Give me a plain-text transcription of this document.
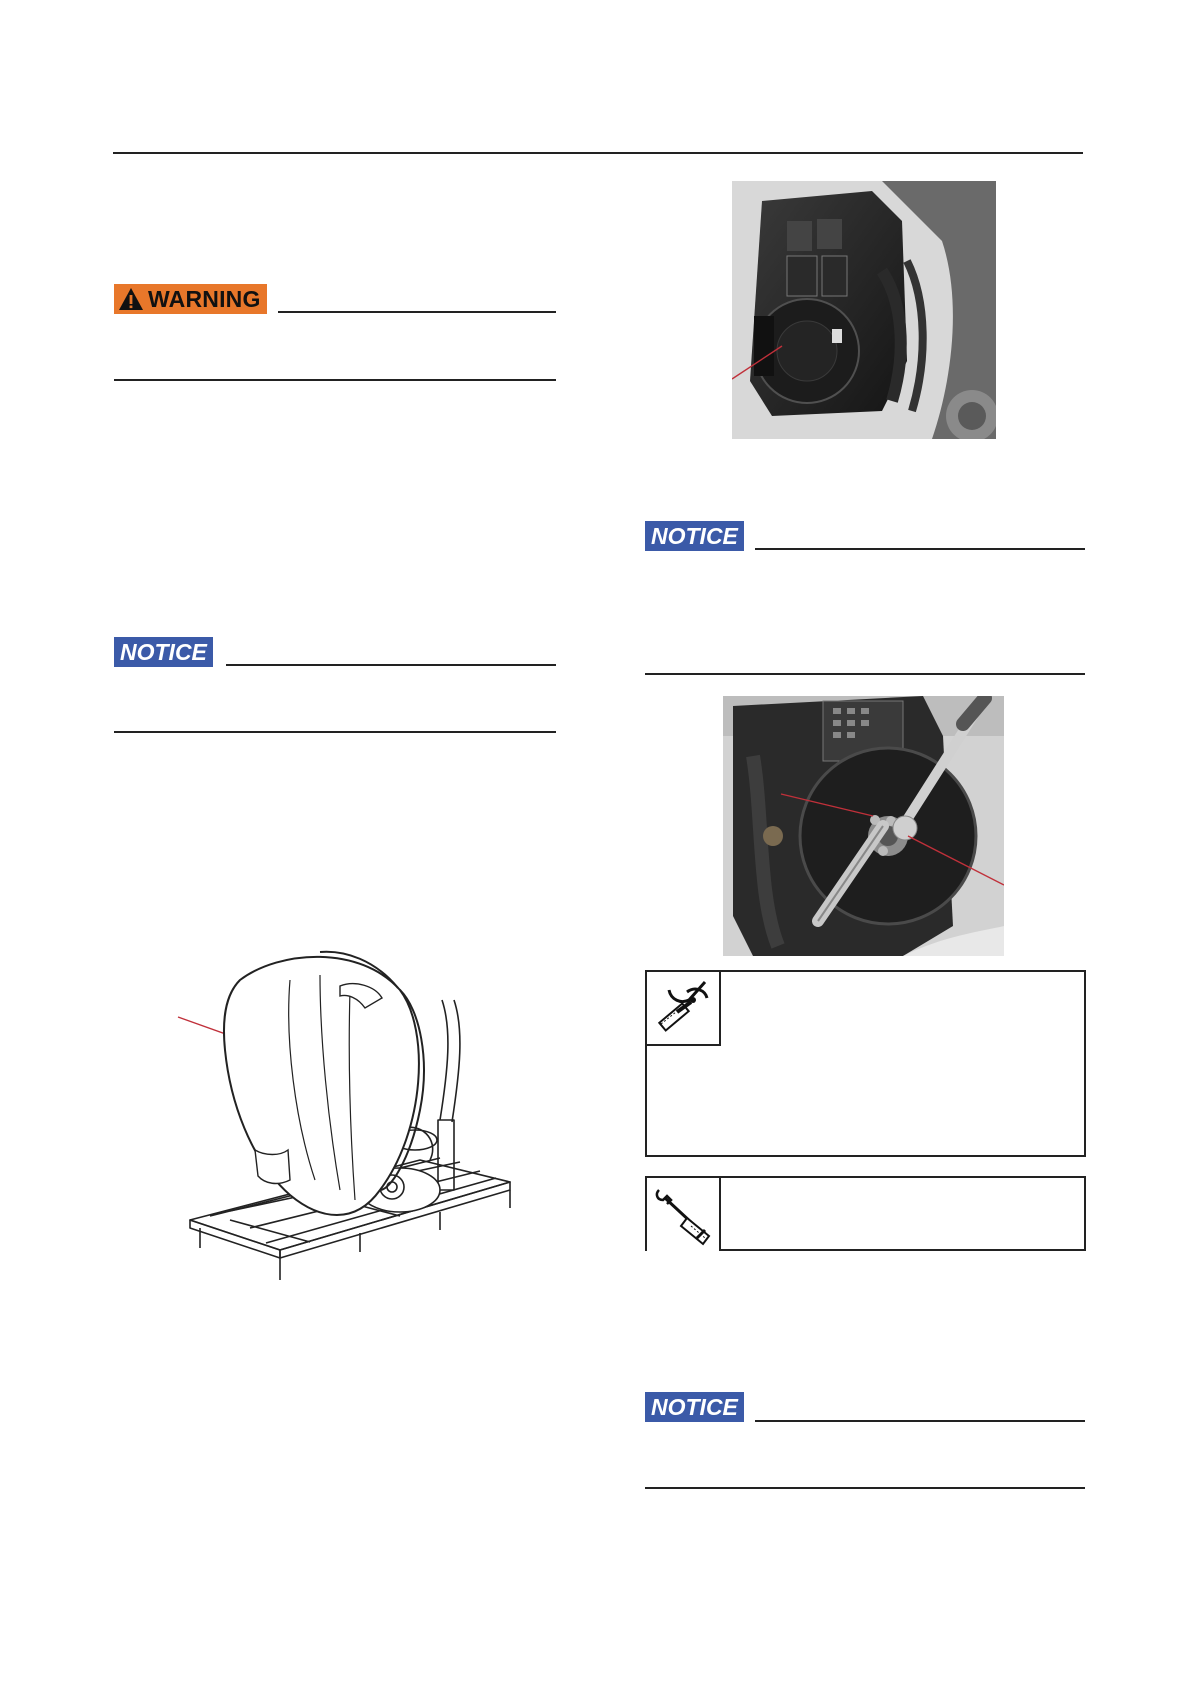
WARNING
NOTICE
NOTICE
NOTICE
